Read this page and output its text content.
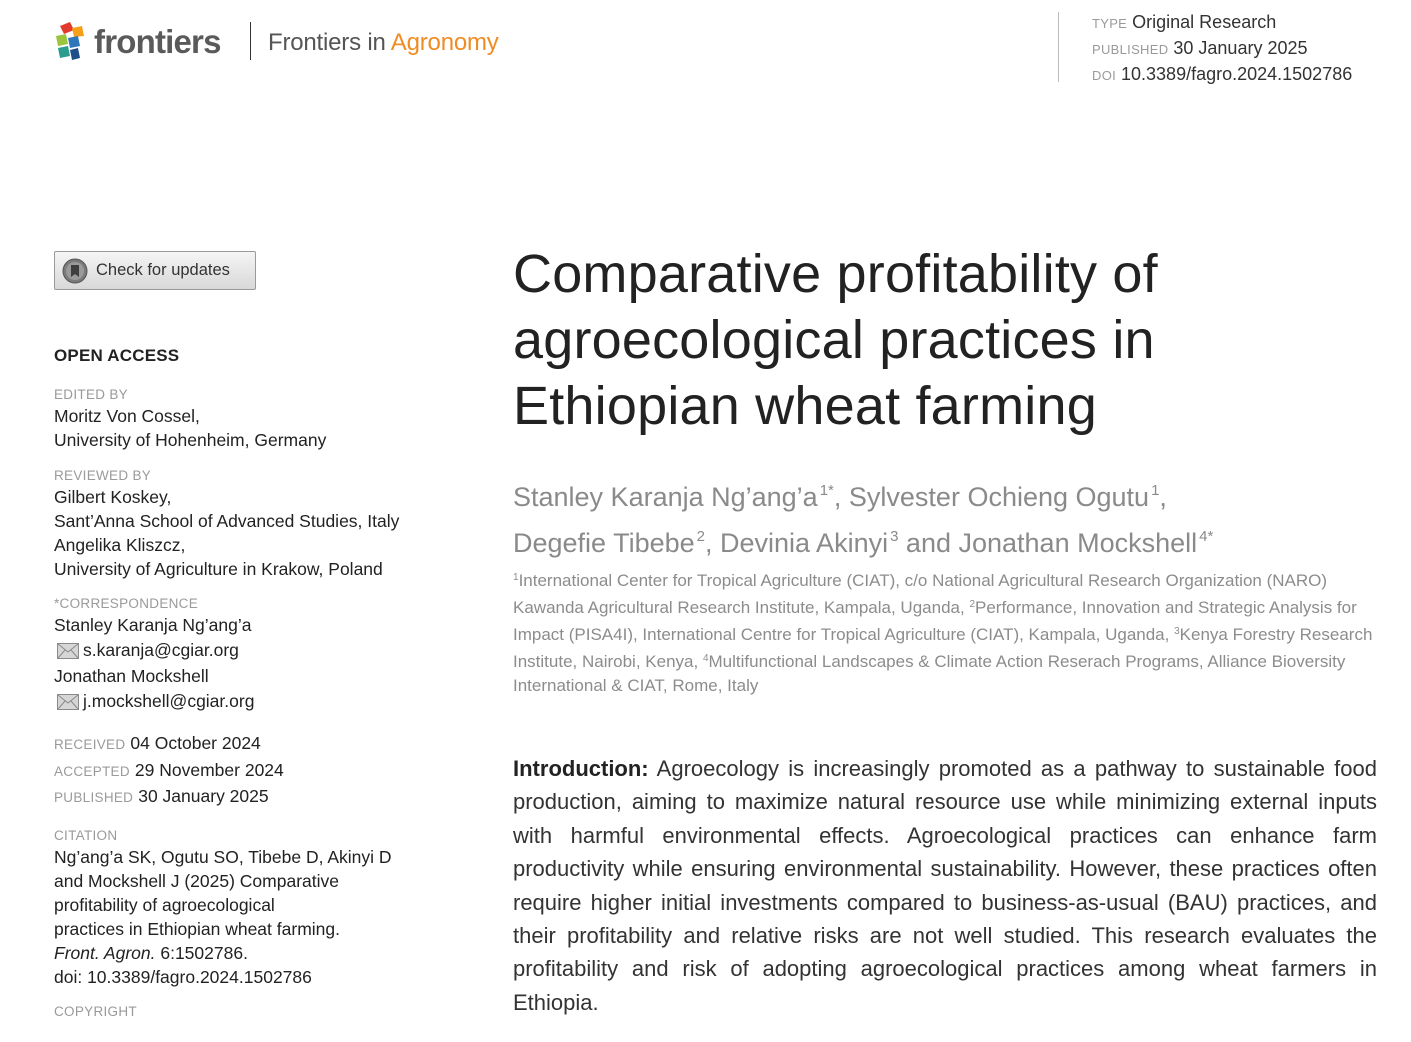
frontiers Frontiers in Agronomy
TYPE Original Research
PUBLISHED 30 January 2025
DOI 10.3389/fagro.2024.1502786
Check for updates
OPEN ACCESS
EDITED BY
Moritz Von Cossel,
University of Hohenheim, Germany
REVIEWED BY
Gilbert Koskey,
Sant’Anna School of Advanced Studies, Italy
Angelika Kliszcz,
University of Agriculture in Krakow, Poland
*CORRESPONDENCE
Stanley Karanja Ng’ang’a
s.karanja@cgiar.org
Jonathan Mockshell
j.mockshell@cgiar.org
RECEIVED 04 October 2024
ACCEPTED 29 November 2024
PUBLISHED 30 January 2025
CITATION
Ng’ang’a SK, Ogutu SO, Tibebe D, Akinyi D
and Mockshell J (2025) Comparative
profitability of agroecological
practices in Ethiopian wheat farming.
Front. Agron. 6:1502786.
doi: 10.3389/fagro.2024.1502786
COPYRIGHT
Comparative profitability of
agroecological practices in
Ethiopian wheat farming
Stanley Karanja Ng’ang’a $^{1*}$, Sylvester Ochieng Ogutu $^1$,
Degefie Tibebe $^2$, Devinia Akinyi $^3$ and Jonathan Mockshell $^{4*}$
$^1$International Center for Tropical Agriculture (CIAT), c/o National Agricultural Research Organization (NARO) Kawanda Agricultural Research Institute, Kampala, Uganda, $^2$Performance, Innovation and Strategic Analysis for Impact (PISA4I), International Centre for Tropical Agriculture (CIAT), Kampala, Uganda, $^3$Kenya Forestry Research Institute, Nairobi, Kenya, $^4$Multifunctional Landscapes & Climate Action Reserach Programs, Alliance Bioversity International & CIAT, Rome, Italy
Introduction: Agroecology is increasingly promoted as a pathway to sustainable food production, aiming to maximize natural resource use while minimizing external inputs with harmful environmental effects. Agroecological practices can enhance farm productivity while ensuring environmental sustainability. However, these practices often require higher initial investments compared to business-as-usual (BAU) practices, and their profitability and relative risks are not well studied. This research evaluates the profitability and risk of adopting agroecological practices among wheat farmers in Ethiopia.
